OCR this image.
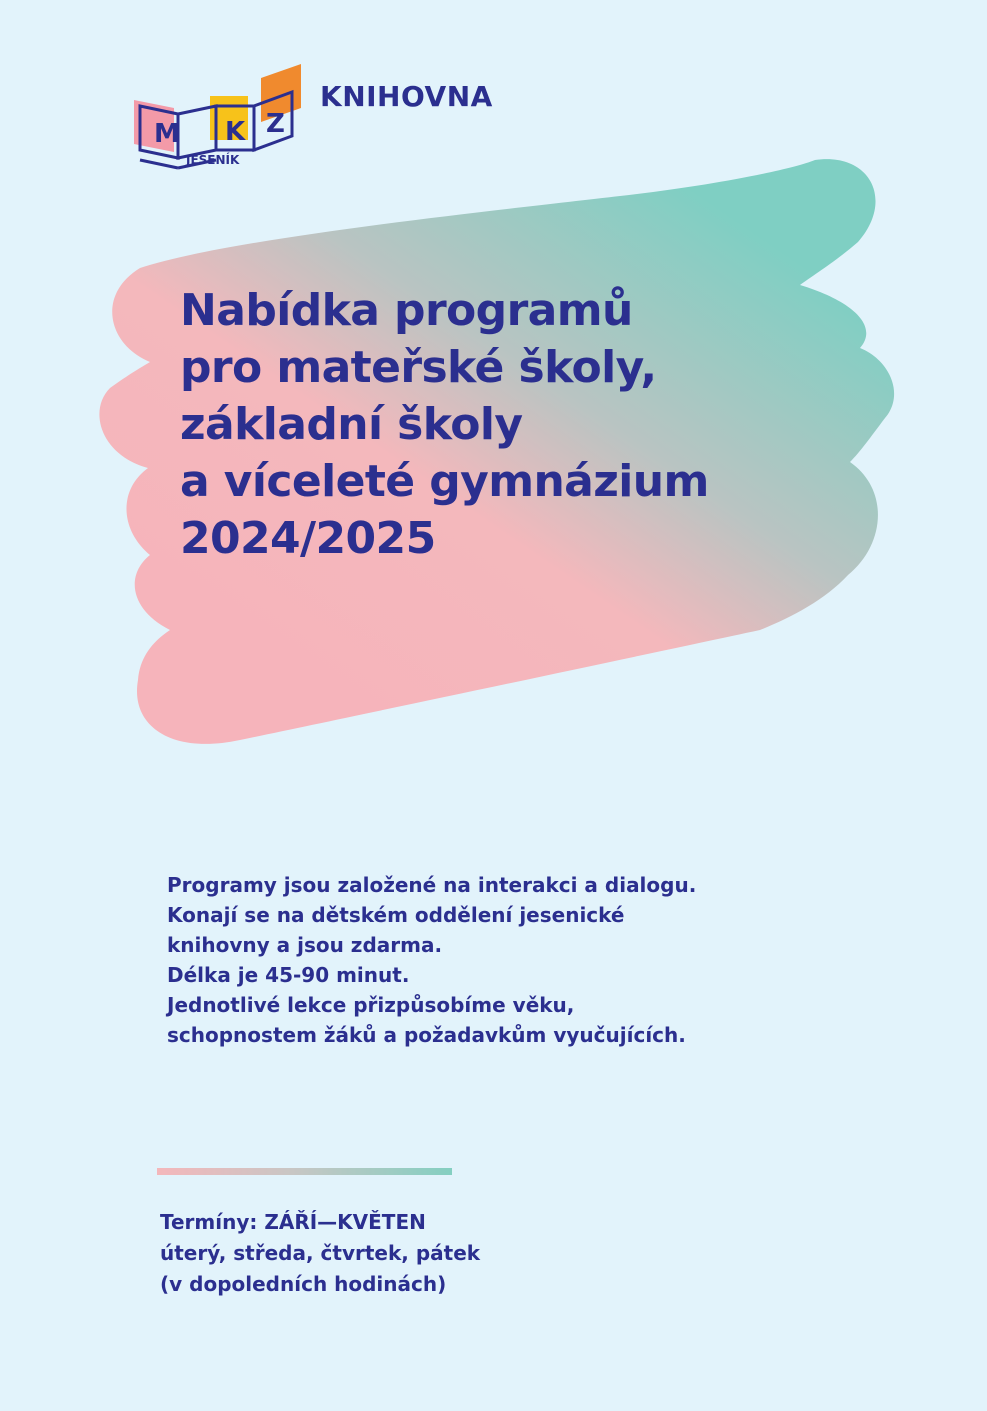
M K Z
JESENÍK
KNIHOVNA
Nabídka programů
pro mateřské školy,
základní školy
a víceleté gymnázium
2024/2025

Programy jsou založené na interakci a dialogu.
Konají se na dětském oddělení jesenické
knihovny a jsou zdarma.
Délka je 45-90 minut.
Jednotlivé lekce přizpůsobíme věku,
schopnostem žáků a požadavkům vyučujících.

Termíny: ZÁŘÍ—KVĚTEN
úterý, středa, čtvrtek, pátek
(v dopoledních hodinách)
